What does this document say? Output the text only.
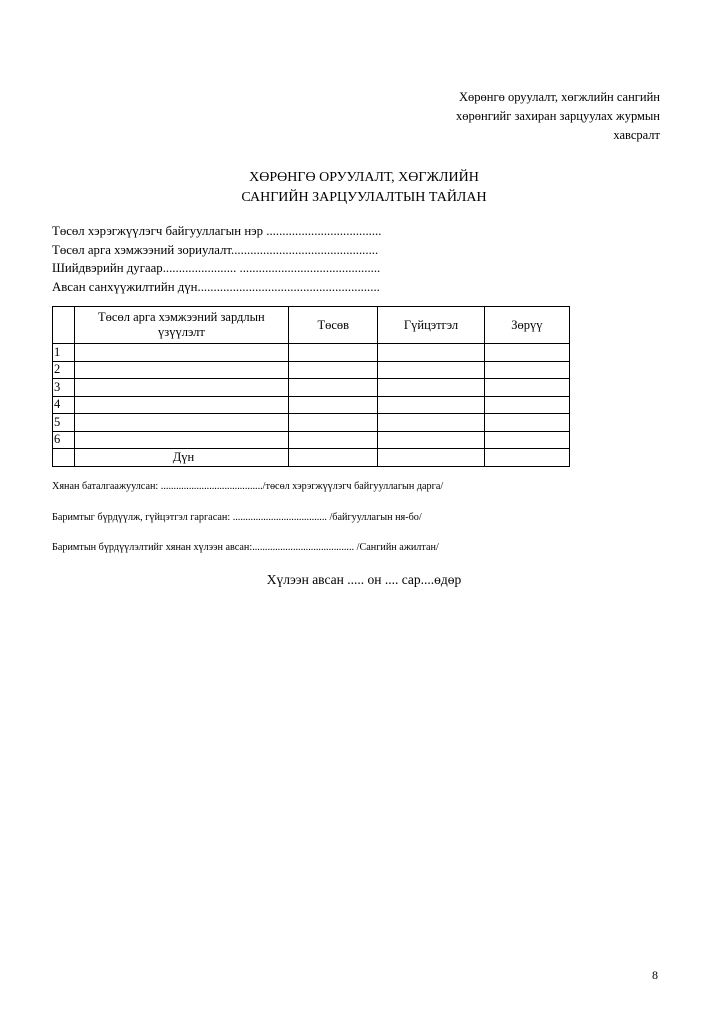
Хөрөнгө оруулалт, хөгжлийн сангийн
хөрөнгийг захиран зарцуулах журмын
хавсралт
ХӨРӨНГӨ ОРУУЛАЛТ, ХӨГЖЛИЙН
САНГИЙН ЗАРЦУУЛАЛТЫН ТАЙЛАН
Төсөл хэрэгжүүлэгч байгууллагын нэр ....................................
Төсөл арга хэмжээний зориулалт..............................................
Шийдвэрийн дугаар....................... ............................................
Авсан санхүүжилтийн дүн.........................................................
	Төсөл арга хэмжээний зардлын үзүүлэлт	Төсөв	Гүйцэтгэл	Зөрүү
1				
2				
3				
4				
5				
6				
	Дүн			
Хянан баталгаажуулсан: ......................................../төсөл хэрэгжүүлэгч байгууллагын дарга/
Баримтыг бүрдүүлж, гүйцэтгэл гаргасан: ..................................... /байгууллагын ня-бо/
Баримтын бүрдүүлэлтийг хянан хүлээн авсан:........................................ /Сангийн ажилтан/
Хүлээн авсан ..... он .... сар....өдөр
8
